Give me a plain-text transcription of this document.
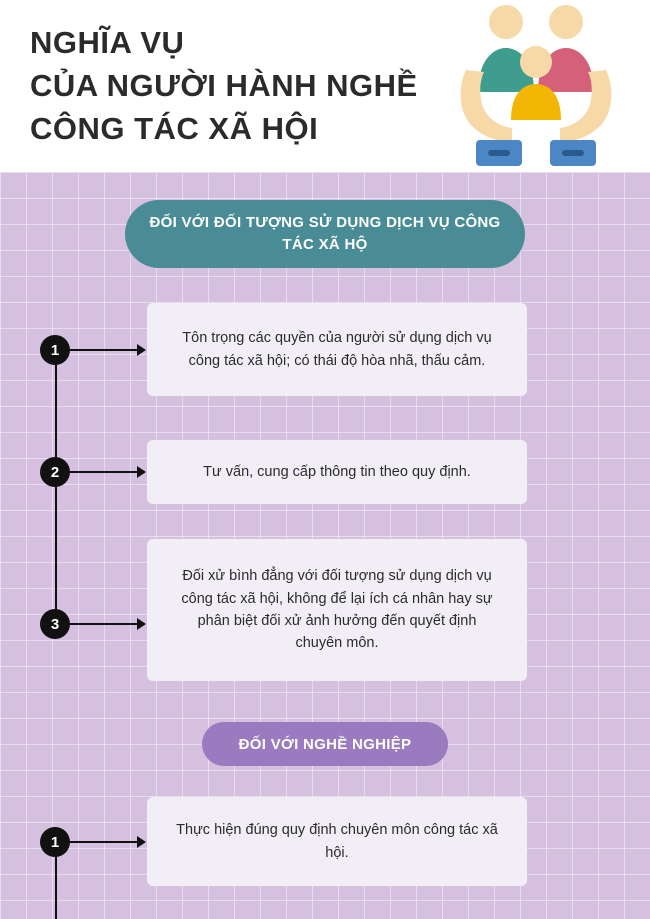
NGHĨA VỤ
CỦA NGƯỜI HÀNH NGHỀ
CÔNG TÁC XÃ HỘI
ĐỐI VỚI ĐỐI TƯỢNG SỬ DỤNG DỊCH VỤ CÔNG TÁC XÃ HỘ
1
Tôn trọng các quyền của người sử dụng dịch vụ công tác xã hội; có thái độ hòa nhã, thấu cảm.
2	Tư vấn, cung cấp thông tin theo quy định.
3
Đối xử bình đẳng với đối tượng sử dụng dịch vụ công tác xã hội, không để lại ích cá nhân hay sự phân biệt đối xử ảnh hưởng đến quyết định chuyên môn.
ĐỐI VỚI NGHỀ NGHIỆP
1
Thực hiện đúng quy định chuyên môn công tác xã hội.
